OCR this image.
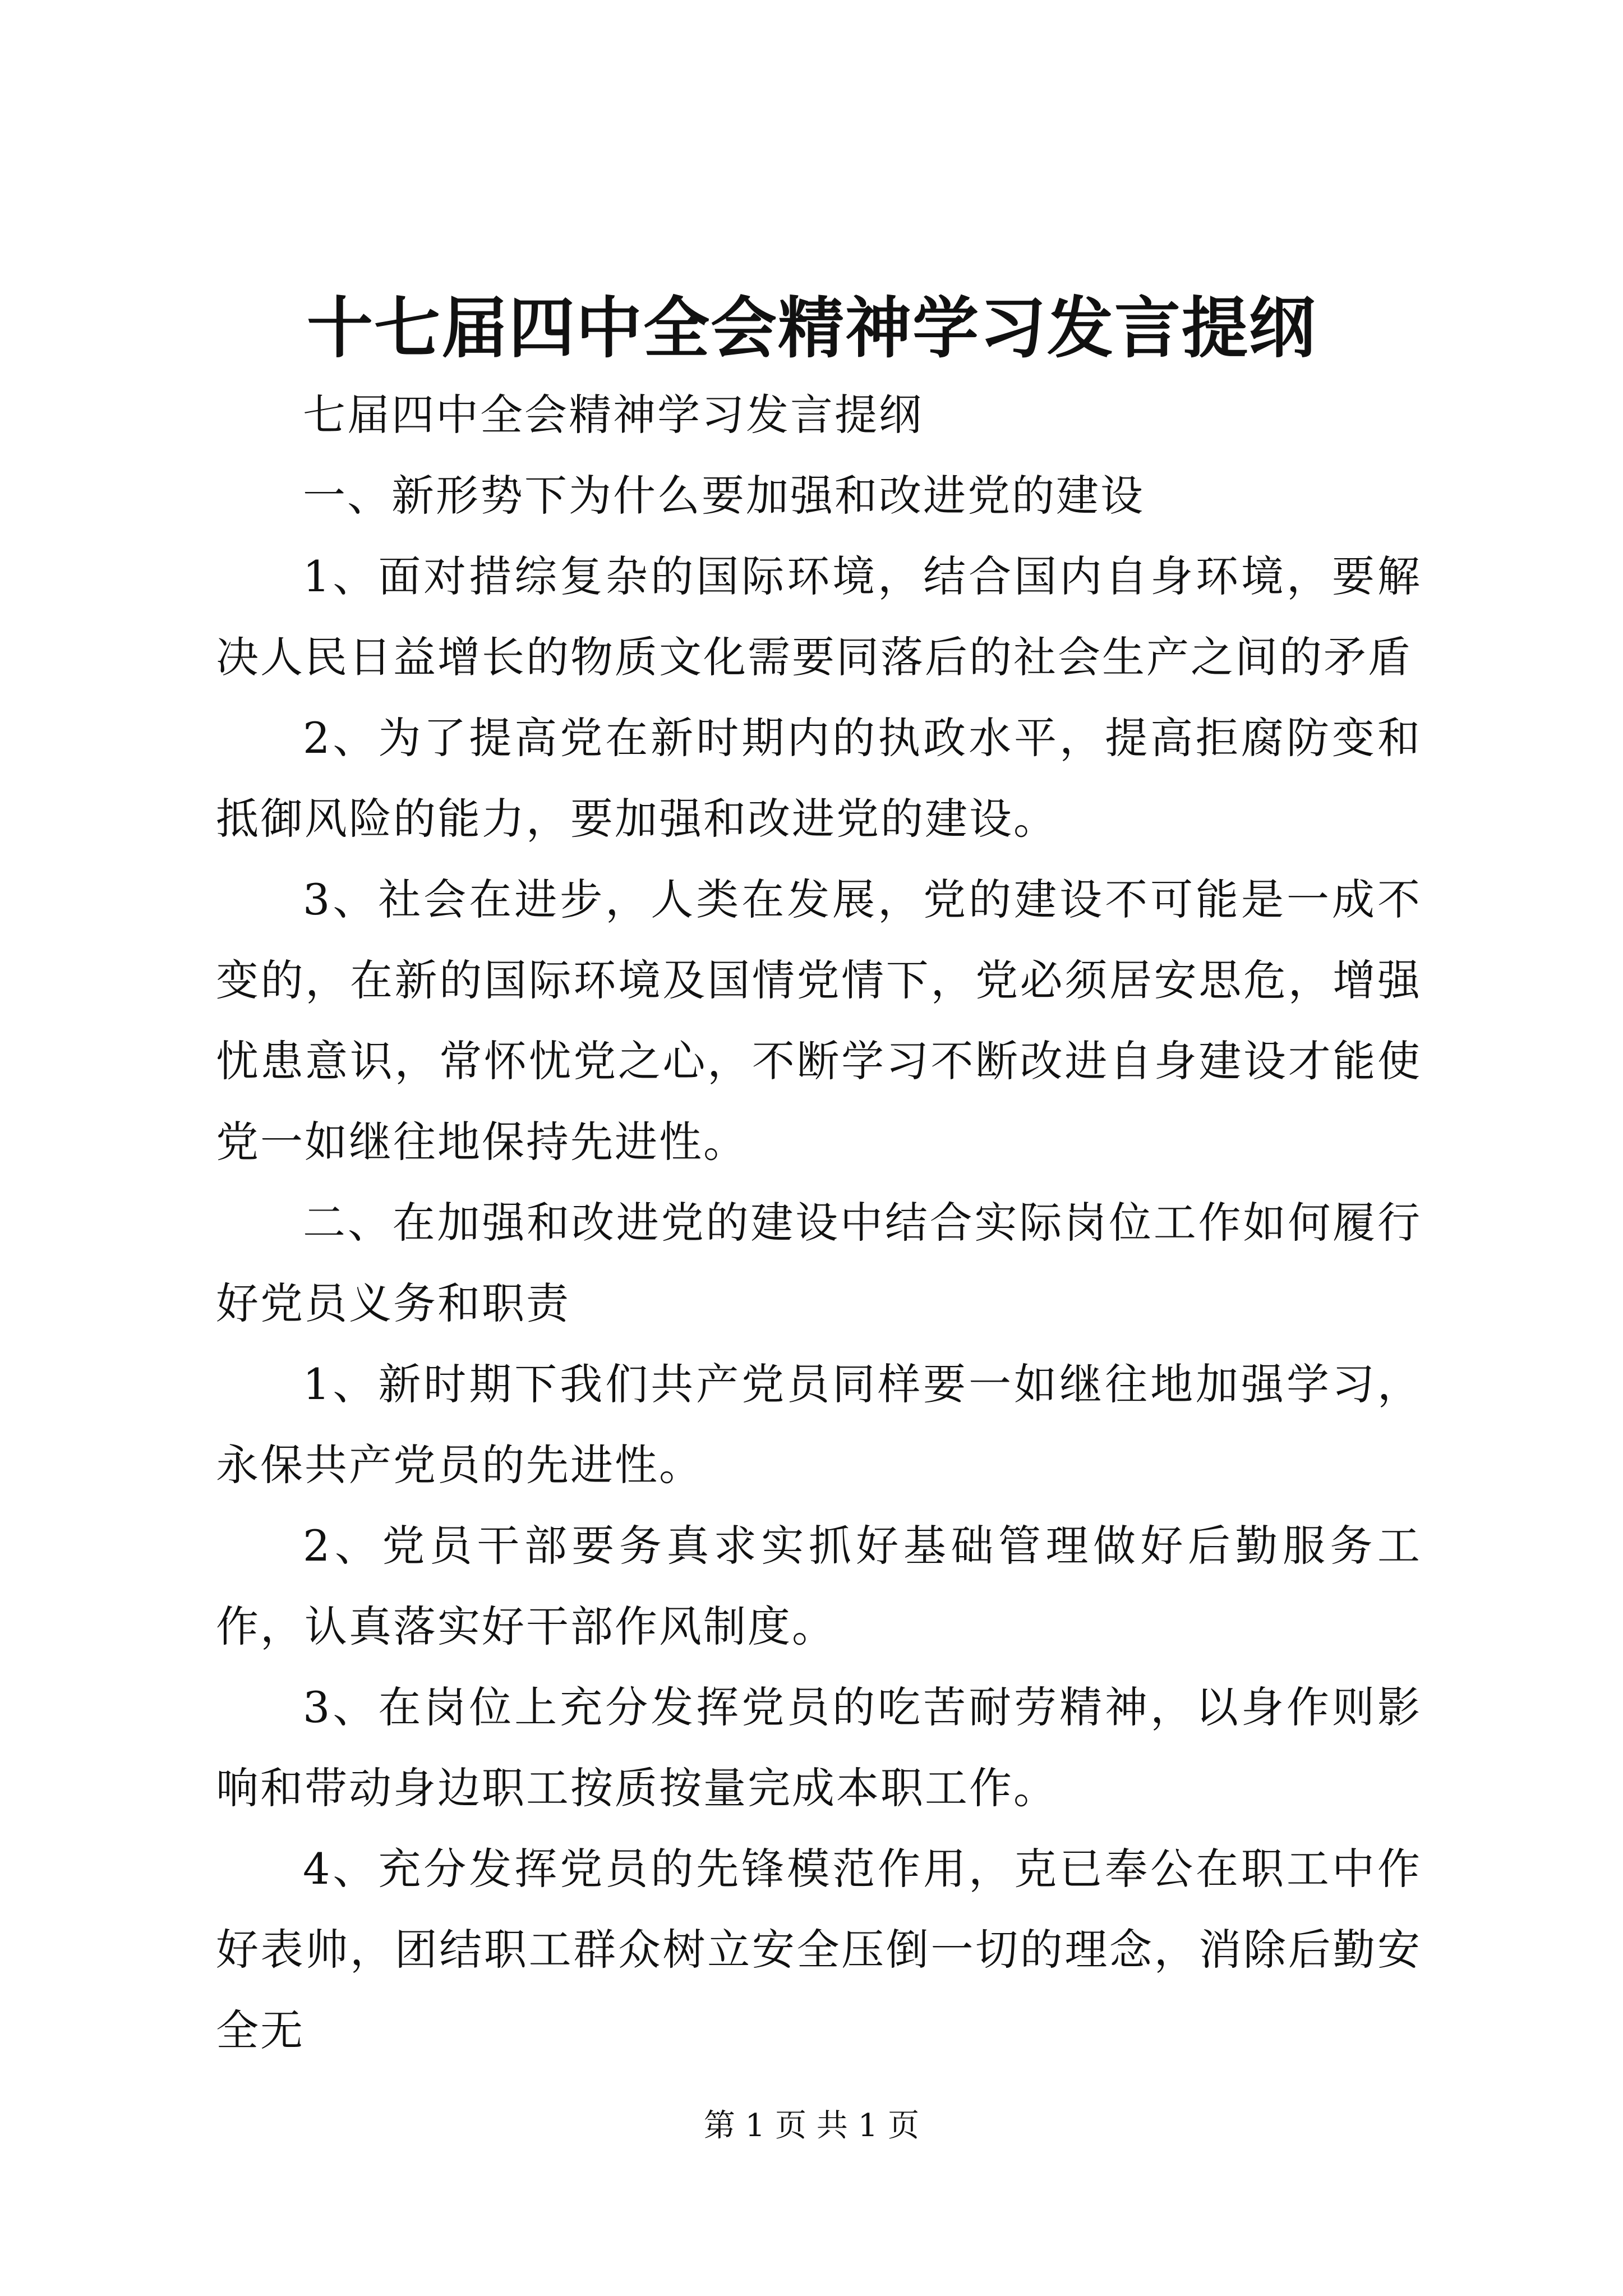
十七届四中全会精神学习发言提纲

七届四中全会精神学习发言提纲

一、新形势下为什么要加强和改进党的建设

1、面对措综复杂的国际环境，结合国内自身环境，要解决人民日益增长的物质文化需要同落后的社会生产之间的矛盾

2、为了提高党在新时期内的执政水平，提高拒腐防变和抵御风险的能力，要加强和改进党的建设。

3、社会在进步，人类在发展，党的建设不可能是一成不变的，在新的国际环境及国情党情下，党必须居安思危，增强忧患意识，常怀忧党之心，不断学习不断改进自身建设才能使党一如继往地保持先进性。

二、在加强和改进党的建设中结合实际岗位工作如何履行好党员义务和职责

1、新时期下我们共产党员同样要一如继往地加强学习，永保共产党员的先进性。

2、党员干部要务真求实抓好基础管理做好后勤服务工作，认真落实好干部作风制度。

3、在岗位上充分发挥党员的吃苦耐劳精神，以身作则影响和带动身边职工按质按量完成本职工作。

4、充分发挥党员的先锋模范作用，克已奉公在职工中作好表帅，团结职工群众树立安全压倒一切的理念，消除后勤安全无

第 1 页 共 1 页
